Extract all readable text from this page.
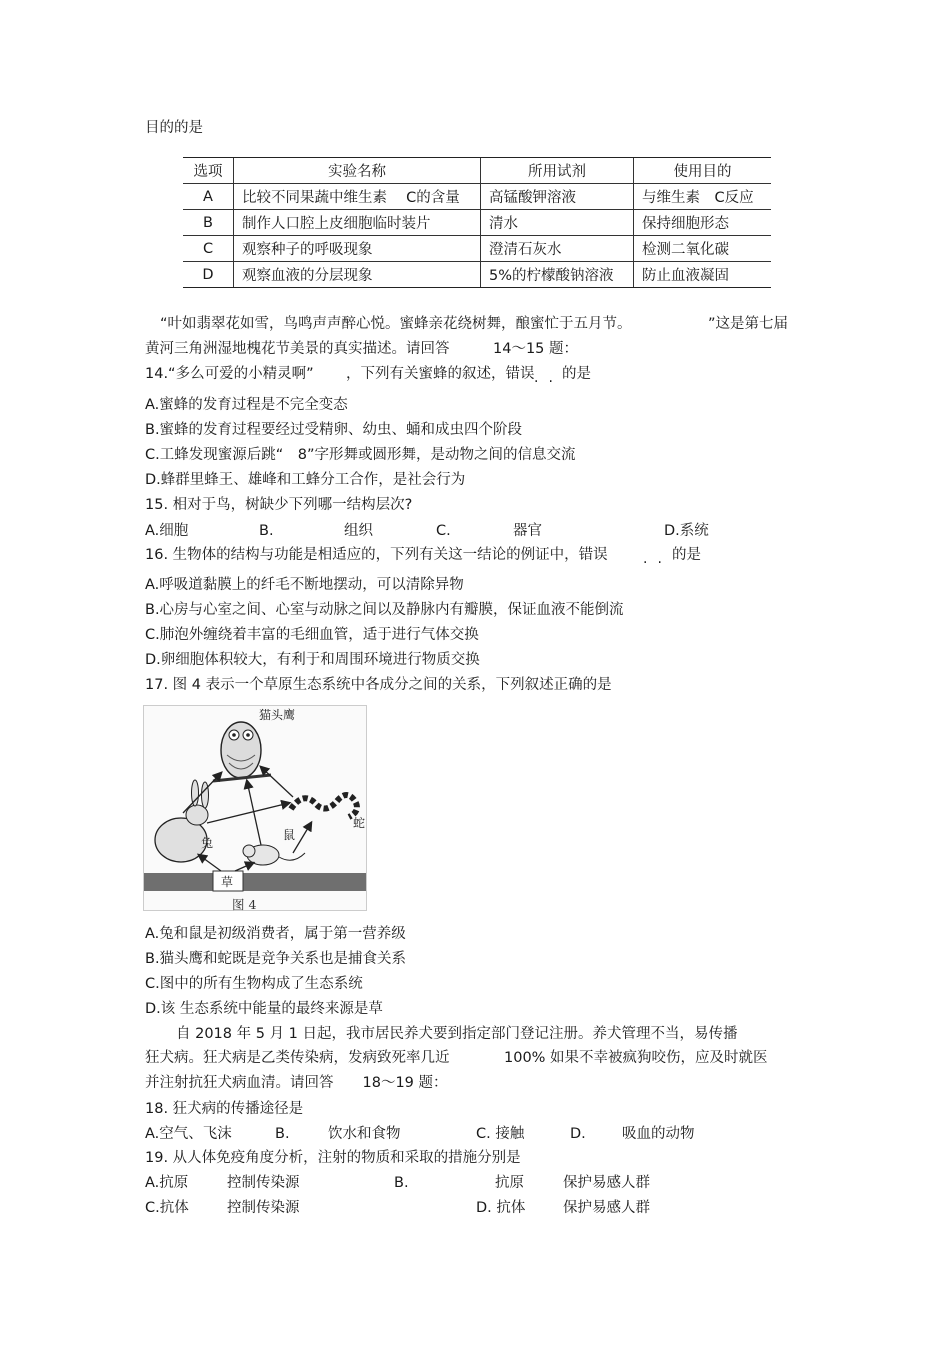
目的的是
选项	实验名称	所用试剂	使用目的
A	比较不同果蔬中维生素　 C的含量	高锰酸钾溶液	与维生素　C反应
B	制作人口腔上皮细胞临时装片	清水	保持细胞形态
C	观察种子的呼吸现象	澄清石灰水	检测二氧化碳
D	观察血液的分层现象	5%的柠檬酸钠溶液	防止血液凝固
“叶如翡翠花如雪，鸟鸣声声醉心悦。蜜蜂亲花绕树舞，酿蜜忙于五月节。	”这是第七届
黄河三角洲湿地槐花节美景的真实描述。请回答　　　14～15 题：
14.“多么可爱的小精灵啊” ，下列有关蜜蜂的叙述，错误 的是
..
A.蜜蜂的发育过程是不完全变态
B.蜜蜂的发育过程要经过受精卵、幼虫、蛹和成虫四个阶段
C.工蜂发现蜜源后跳“　8”字形舞或圆形舞，是动物之间的信息交流
D.蜂群里蜂王、雄峰和工蜂分工合作，是社会行为
15. 相对于鸟，树缺少下列哪一结构层次?
A.细胞	B.	组织	C.	器官	D.系统
16. 生物体的结构与功能是相适应的，下列有关这一结论的例证中，错误	的是
..
A.呼吸道黏膜上的纤毛不断地摆动，可以清除异物
B.心房与心室之间、心室与动脉之间以及静脉内有瓣膜，保证血液不能倒流
C.肺泡外缠绕着丰富的毛细血管，适于进行气体交换
D.卵细胞体积较大，有利于和周围环境进行物质交换
17. 图 4 表示一个草原生态系统中各成分之间的关系，下列叙述正确的是
猫头鹰
蛇
兔
鼠
草
图 4
A.兔和鼠是初级消费者，属于第一营养级
B.猫头鹰和蛇既是竞争关系也是捕食关系
C.图中的所有生物构成了生态系统
D.该 生态系统中能量的最终来源是草
自 2018 年 5 月 1 日起，我市居民养犬要到指定部门登记注册。养犬管理不当，易传播
狂犬病。狂犬病是乙类传染病，发病致死率几近	100% 如果不幸被疯狗咬伤，应及时就医
并注射抗狂犬病血清。请回答　　18～19 题：
18. 狂犬病的传播途径是
A.空气、飞沫	B.	饮水和食物	C. 接触	D. 吸血的动物
19. 从人体免疫角度分析，注射的物质和采取的措施分别是
A.抗原	控制传染源	B.	抗原	保护易感人群
C.抗体	控制传染源	D. 抗体	保护易感人群
